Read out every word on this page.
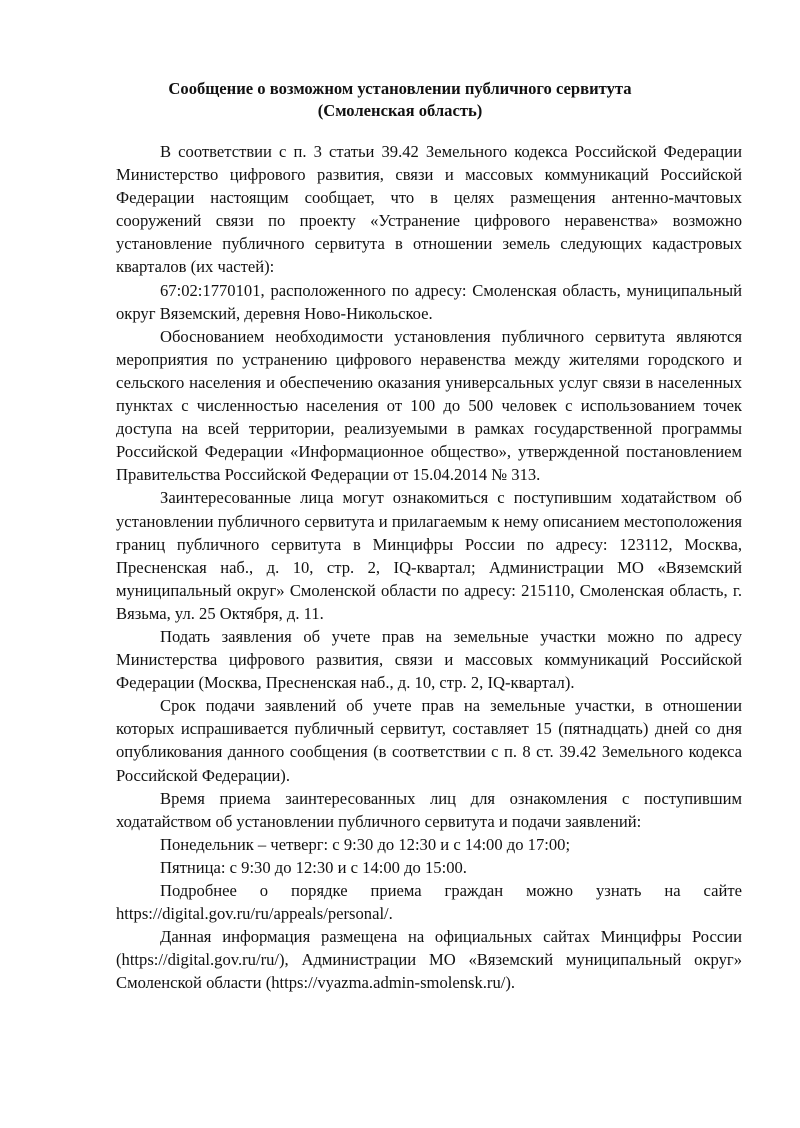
Сообщение о возможном установлении публичного сервитута
(Смоленская область)

В соответствии с п. 3 статьи 39.42 Земельного кодекса Российской Федерации Министерство цифрового развития, связи и массовых коммуникаций Российской Федерации настоящим сообщает, что в целях размещения антенно-мачтовых сооружений связи по проекту «Устранение цифрового неравенства» возможно установление публичного сервитута в отношении земель следующих кадастровых кварталов (их частей):

67:02:1770101, расположенного по адресу: Смоленская область, муниципальный округ Вяземский, деревня Ново-Никольское.

Обоснованием необходимости установления публичного сервитута являются мероприятия по устранению цифрового неравенства между жителями городского и сельского населения и обеспечению оказания универсальных услуг связи в населенных пунктах с численностью населения от 100 до 500 человек с использованием точек доступа на всей территории, реализуемыми в рамках государственной программы Российской Федерации «Информационное общество», утвержденной постановлением Правительства Российской Федерации от 15.04.2014 № 313.

Заинтересованные лица могут ознакомиться с поступившим ходатайством об установлении публичного сервитута и прилагаемым к нему описанием местоположения границ публичного сервитута в Минцифры России по адресу: 123112, Москва, Пресненская наб., д. 10, стр. 2, IQ-квартал; Администрации МО «Вяземский муниципальный округ» Смоленской области по адресу: 215110, Смоленская область, г. Вязьма, ул. 25 Октября, д. 11.

Подать заявления об учете прав на земельные участки можно по адресу Министерства цифрового развития, связи и массовых коммуникаций Российской Федерации (Москва, Пресненская наб., д. 10, стр. 2, IQ-квартал).

Срок подачи заявлений об учете прав на земельные участки, в отношении которых испрашивается публичный сервитут, составляет 15 (пятнадцать) дней со дня опубликования данного сообщения (в соответствии с п. 8 ст. 39.42 Земельного кодекса Российской Федерации).

Время приема заинтересованных лиц для ознакомления с поступившим ходатайством об установлении публичного сервитута и подачи заявлений:

Понедельник – четверг: с 9:30 до 12:30 и с 14:00 до 17:00;

Пятница: с 9:30 до 12:30 и с 14:00 до 15:00.

Подробнее о порядке приема граждан можно узнать на сайте https://digital.gov.ru/ru/appeals/personal/.

Данная информация размещена на официальных сайтах Минцифры России (https://digital.gov.ru/ru/), Администрации МО «Вяземский муниципальный округ» Смоленской области (https://vyazma.admin-smolensk.ru/).
